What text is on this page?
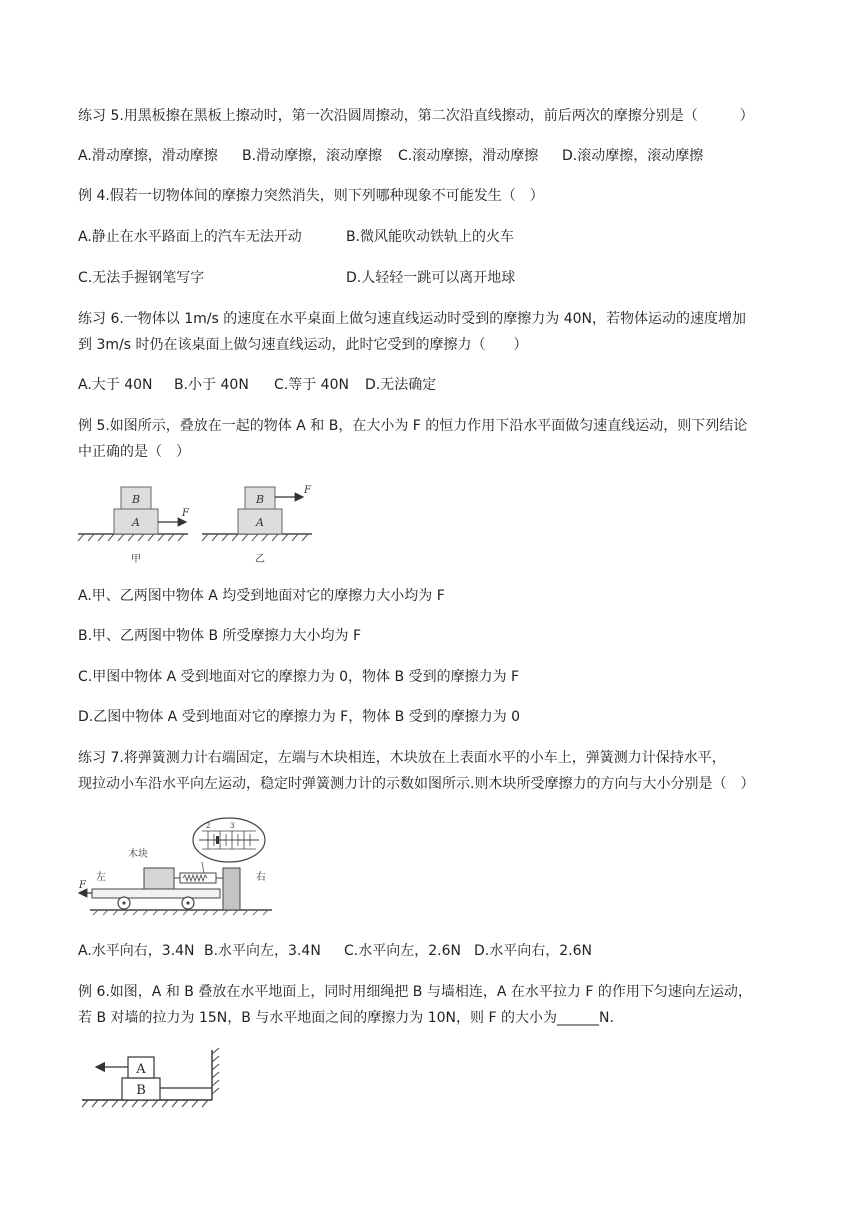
练习 5.用黑板擦在黑板上擦动时，第一次沿圆周擦动，第二次沿直线擦动，前后两次的摩擦分别是（　　　）
A.滑动摩擦，滑动摩擦 B.滑动摩擦，滚动摩擦 C.滚动摩擦，滑动摩擦 D.滚动摩擦，滚动摩擦
例 4.假若一切物体间的摩擦力突然消失，则下列哪种现象不可能发生（　）
A.静止在水平路面上的汽车无法开动	B.微风能吹动铁轨上的火车
C.无法手握钢笔写字	D.人轻轻一跳可以离开地球
练习 6.一物体以 1m/s 的速度在水平桌面上做匀速直线运动时受到的摩擦力为 40N，若物体运动的速度增加
到 3m/s 时仍在该桌面上做匀速直线运动，此时它受到的摩擦力（　　）
A.大于 40N B.小于 40N C.等于 40N D.无法确定
例 5.如图所示，叠放在一起的物体 A 和 B，在大小为 F 的恒力作用下沿水平面做匀速直线运动，则下列结论
中正确的是（　）
A
B
F
甲
A
B
F
乙
A.甲、乙两图中物体 A 均受到地面对它的摩擦力大小均为 F
B.甲、乙两图中物体 B 所受摩擦力大小均为 F
C.甲图中物体 A 受到地面对它的摩擦力为 0，物体 B 受到的摩擦力为 F
D.乙图中物体 A 受到地面对它的摩擦力为 F，物体 B 受到的摩擦力为 0
练习 7.将弹簧测力计右端固定，左端与木块相连，木块放在上表面水平的小车上，弹簧测力计保持水平，
现拉动小车沿水平向左运动，稳定时弹簧测力计的示数如图所示.则木块所受摩擦力的方向与大小分别是（　）
F
左
木块
右
2	3
A.水平向右，3.4N B.水平向左，3.4N C.水平向左，2.6N D.水平向右，2.6N
例 6.如图，A 和 B 叠放在水平地面上，同时用细绳把 B 与墙相连，A 在水平拉力 F 的作用下匀速向左运动，
若 B 对墙的拉力为 15N，B 与水平地面之间的摩擦力为 10N，则 F 的大小为______N.
B
A
